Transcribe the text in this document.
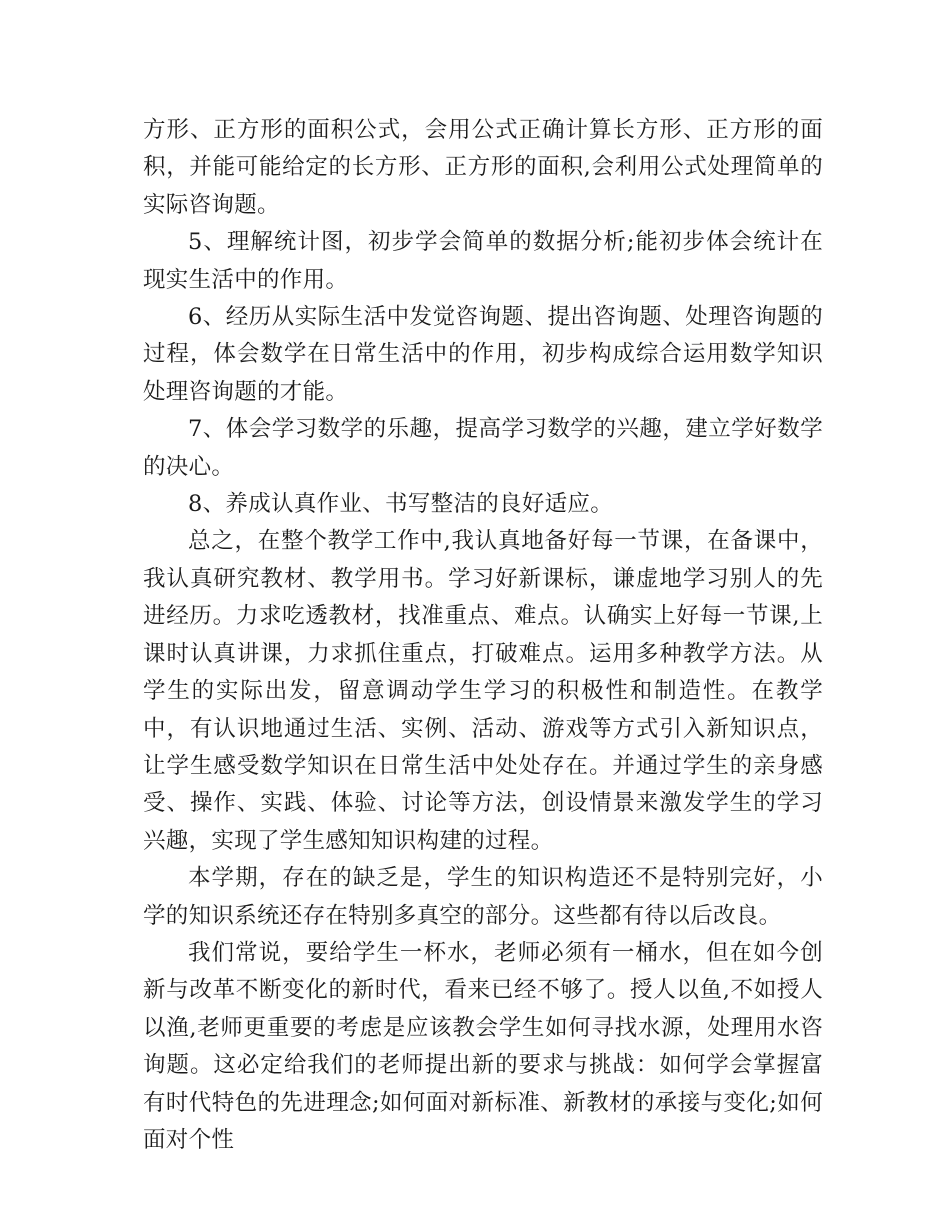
方形、正方形的面积公式，会用公式正确计算长方形、正方形的面积，并能可能给定的长方形、正方形的面积,会利用公式处理简单的实际咨询题。

5、理解统计图，初步学会简单的数据分析;能初步体会统计在现实生活中的作用。

6、经历从实际生活中发觉咨询题、提出咨询题、处理咨询题的过程，体会数学在日常生活中的作用，初步构成综合运用数学知识处理咨询题的才能。

7、体会学习数学的乐趣，提高学习数学的兴趣，建立学好数学的决心。

8、养成认真作业、书写整洁的良好适应。

总之，在整个教学工作中,我认真地备好每一节课，在备课中，我认真研究教材、教学用书。学习好新课标，谦虚地学习别人的先进经历。力求吃透教材，找准重点、难点。认确实上好每一节课,上课时认真讲课，力求抓住重点，打破难点。运用多种教学方法。从学生的实际出发，留意调动学生学习的积极性和制造性。在教学中，有认识地通过生活、实例、活动、游戏等方式引入新知识点，让学生感受数学知识在日常生活中处处存在。并通过学生的亲身感受、操作、实践、体验、讨论等方法，创设情景来激发学生的学习兴趣，实现了学生感知知识构建的过程。

本学期，存在的缺乏是，学生的知识构造还不是特别完好，小学的知识系统还存在特别多真空的部分。这些都有待以后改良。

我们常说，要给学生一杯水，老师必须有一桶水，但在如今创新与改革不断变化的新时代，看来已经不够了。授人以鱼,不如授人以渔,老师更重要的考虑是应该教会学生如何寻找水源，处理用水咨询题。这必定给我们的老师提出新的要求与挑战：如何学会掌握富有时代特色的先进理念;如何面对新标准、新教材的承接与变化;如何面对个性
